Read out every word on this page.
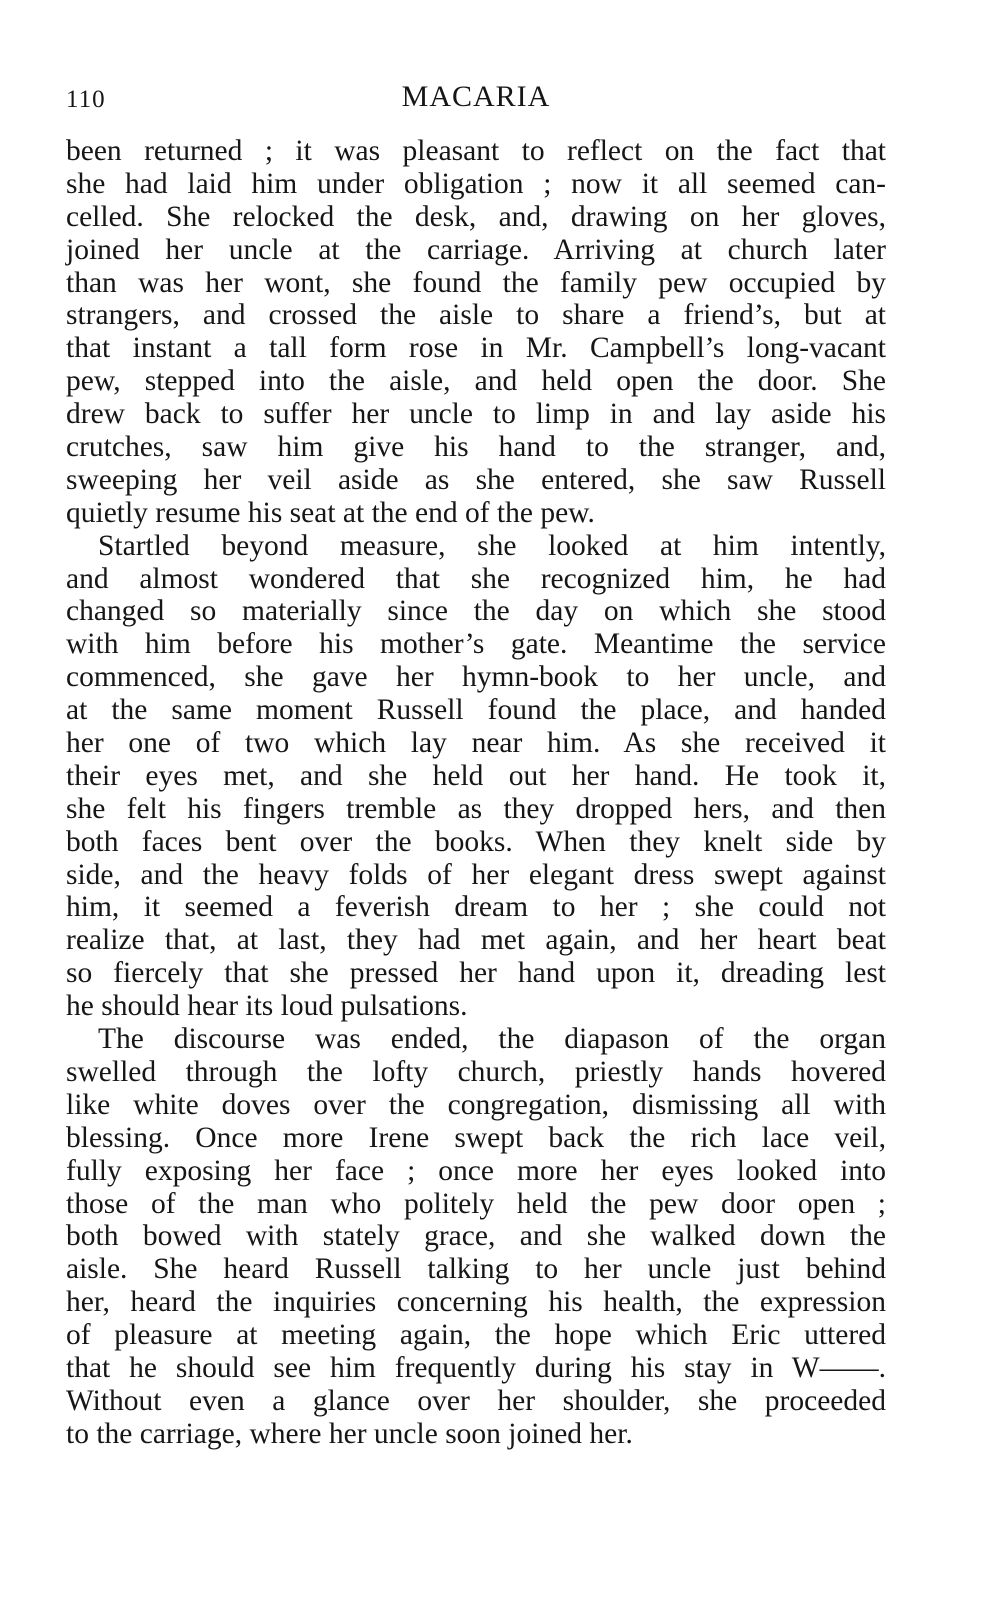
110	MACARIA
been returned ; it was pleasant to reflect on the fact that
she had laid him under obligation ; now it all seemed can-
celled. She relocked the desk, and, drawing on her gloves,
joined her uncle at the carriage. Arriving at church later
than was her wont, she found the family pew occupied by
strangers, and crossed the aisle to share a friend’s, but at
that instant a tall form rose in Mr. Campbell’s long-vacant
pew, stepped into the aisle, and held open the door. She
drew back to suffer her uncle to limp in and lay aside his
crutches, saw him give his hand to the stranger, and,
sweeping her veil aside as she entered, she saw Russell
quietly resume his seat at the end of the pew.
Startled beyond measure, she looked at him intently,
and almost wondered that she recognized him, he had
changed so materially since the day on which she stood
with him before his mother’s gate. Meantime the service
commenced, she gave her hymn-book to her uncle, and
at the same moment Russell found the place, and handed
her one of two which lay near him. As she received it
their eyes met, and she held out her hand. He took it,
she felt his fingers tremble as they dropped hers, and then
both faces bent over the books. When they knelt side by
side, and the heavy folds of her elegant dress swept against
him, it seemed a feverish dream to her ; she could not
realize that, at last, they had met again, and her heart beat
so fiercely that she pressed her hand upon it, dreading lest
he should hear its loud pulsations.
The discourse was ended, the diapason of the organ
swelled through the lofty church, priestly hands hovered
like white doves over the congregation, dismissing all with
blessing. Once more Irene swept back the rich lace veil,
fully exposing her face ; once more her eyes looked into
those of the man who politely held the pew door open ;
both bowed with stately grace, and she walked down the
aisle. She heard Russell talking to her uncle just behind
her, heard the inquiries concerning his health, the expression
of pleasure at meeting again, the hope which Eric uttered
that he should see him frequently during his stay in W——.
Without even a glance over her shoulder, she proceeded
to the carriage, where her uncle soon joined her.
